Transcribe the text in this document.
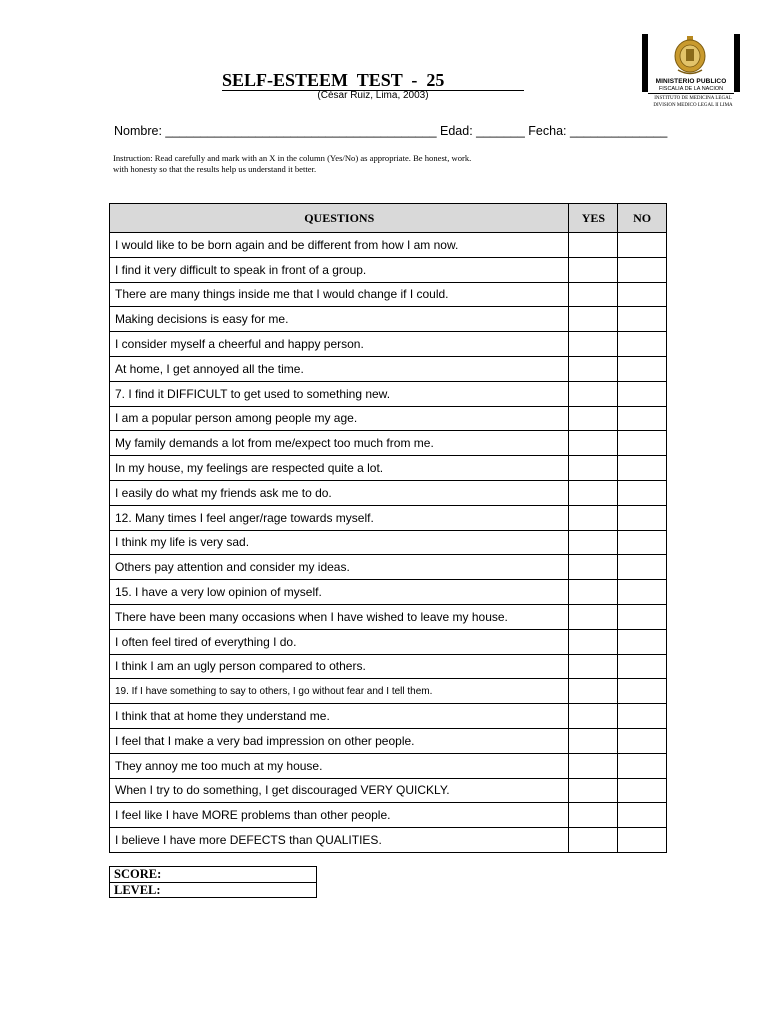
SELF-ESTEEM  TEST  -  25
(César Ruiz, Lima, 2003)
MINISTERIO PUBLICO
FISCALIA DE LA NACION
INSTITUTO DE MEDICINA LEGAL
DIVISION MEDICO LEGAL II LIMA
Nombre: _______________________________________ Edad: _______ Fecha: ______________
Instruction: Read carefully and mark with an X in the column (Yes/No) as appropriate. Be honest, work.
with honesty so that the results help us understand it better.
QUESTIONS	YES	NO
I would like to be born again and be different from how I am now.		
I find it very difficult to speak in front of a group.		
There are many things inside me that I would change if I could.		
Making decisions is easy for me.		
I consider myself a cheerful and happy person.		
At home, I get annoyed all the time.		
7. I find it DIFFICULT to get used to something new.		
I am a popular person among people my age.		
My family demands a lot from me/expect too much from me.		
In my house, my feelings are respected quite a lot.		
I easily do what my friends ask me to do.		
12. Many times I feel anger/rage towards myself.		
I think my life is very sad.		
Others pay attention and consider my ideas.		
15. I have a very low opinion of myself.		
There have been many occasions when I have wished to leave my house.		
I often feel tired of everything I do.		
I think I am an ugly person compared to others.		
19. If I have something to say to others, I go without fear and I tell them.		
I think that at home they understand me.		
I feel that I make a very bad impression on other people.		
They annoy me too much at my house.		
When I try to do something, I get discouraged VERY QUICKLY.		
I feel like I have MORE problems than other people.		
I believe I have more DEFECTS than QUALITIES.		
SCORE:
LEVEL:
